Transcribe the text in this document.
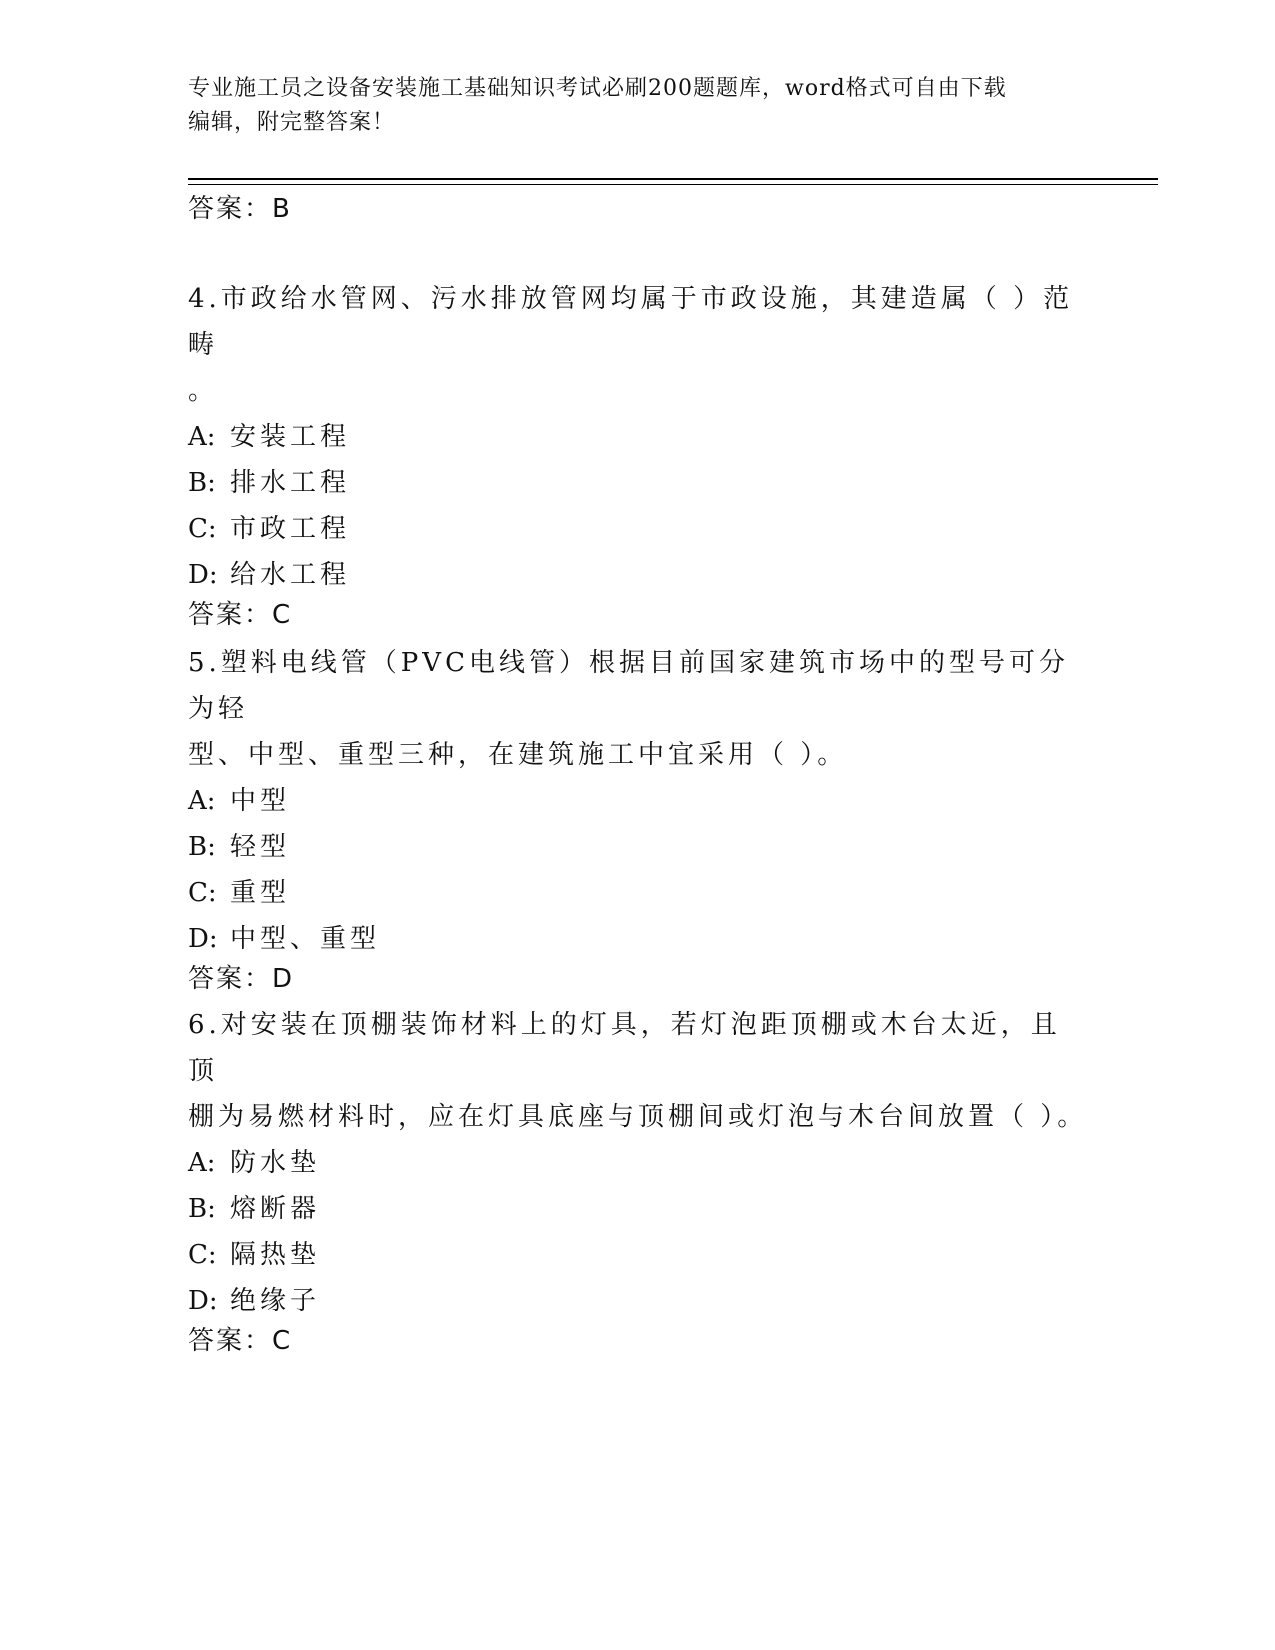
专业施工员之设备安装施工基础知识考试必刷200题题库，word格式可自由下载
编辑，附完整答案！
答案：B
4.市政给水管网、污水排放管网均属于市政设施，其建造属（ ）范畴
。
A: 安装工程
B: 排水工程
C: 市政工程
D: 给水工程
答案：C
5.塑料电线管（PVC电线管）根据目前国家建筑市场中的型号可分为轻
型、中型、重型三种，在建筑施工中宜采用（ ）。
A: 中型
B: 轻型
C: 重型
D: 中型、重型
答案：D
6.对安装在顶棚装饰材料上的灯具，若灯泡距顶棚或木台太近，且顶
棚为易燃材料时，应在灯具底座与顶棚间或灯泡与木台间放置（ ）。
A: 防水垫
B: 熔断器
C: 隔热垫
D: 绝缘子
答案：C
